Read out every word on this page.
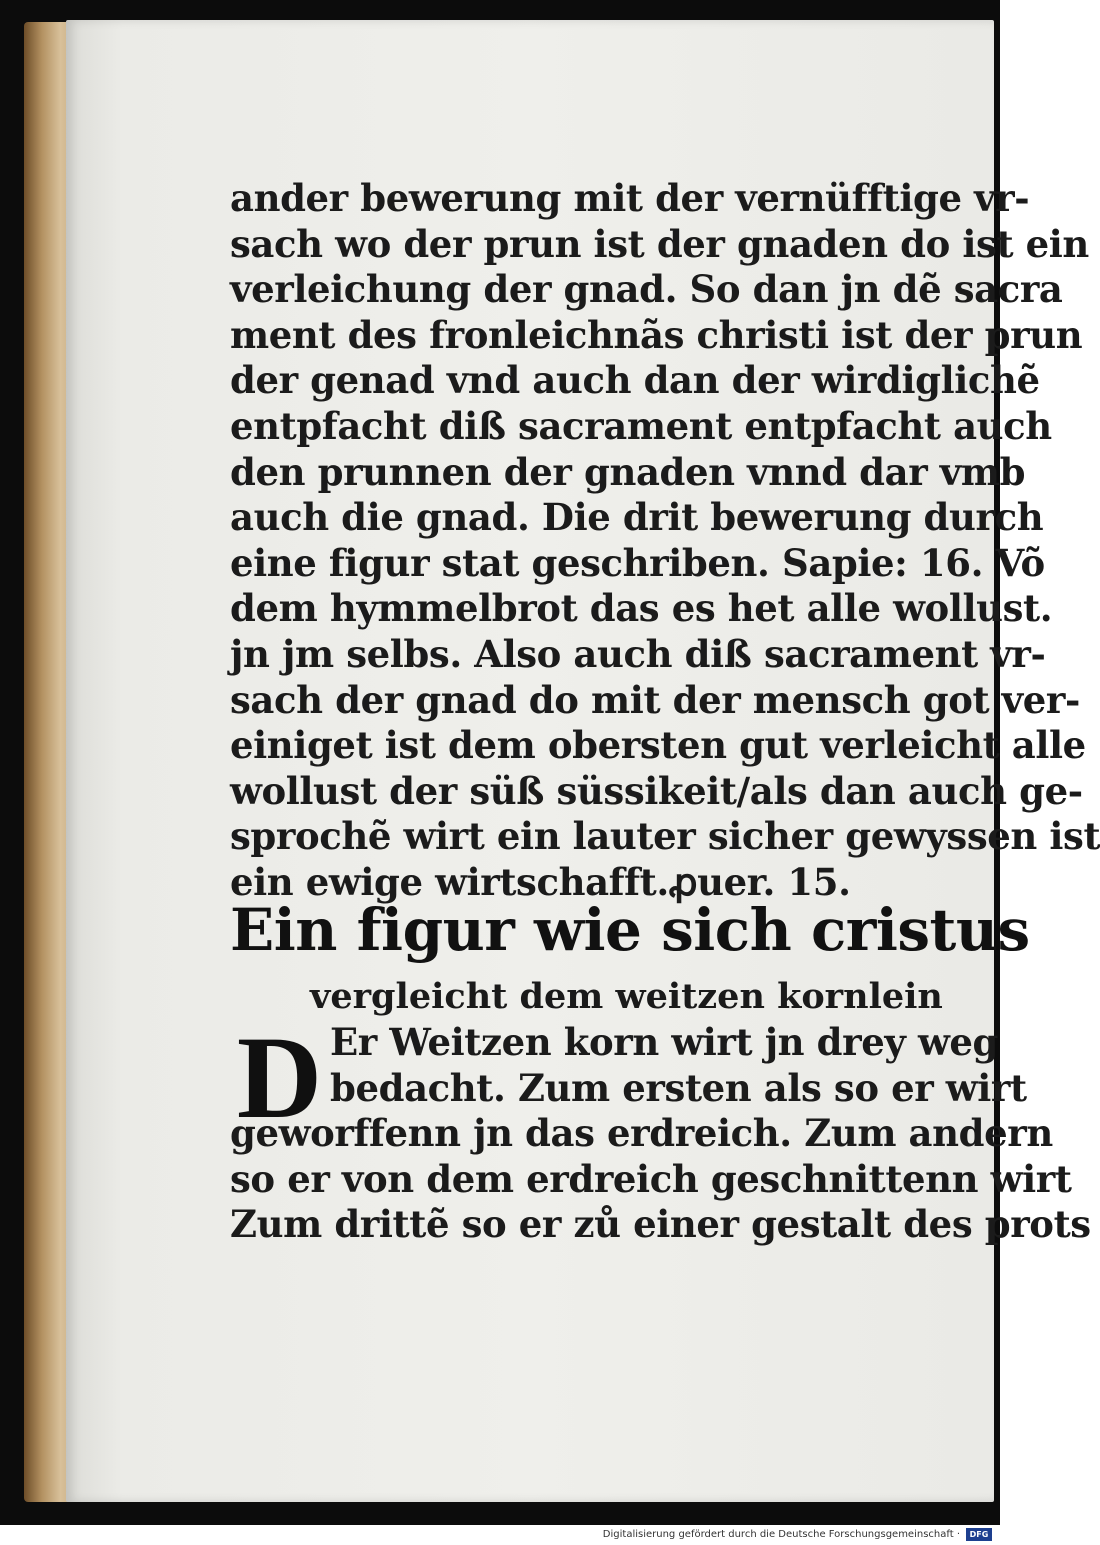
ander bewerung mit der vernüfftige vr-
sach wo der prun ist der gnaden do ist ein
verleichung der gnad. So dan jn dẽ sacra
ment des fronleichnãs christi ist der prun
der genad vnd auch dan der wirdiglichẽ
entpfacht diß sacrament entpfacht auch
den prunnen der gnaden vnnd dar vmb
auch die gnad. Die drit bewerung durch
eine figur stat geschriben. Sapie: 16. Võ
dem hymmelbrot das es het alle wollust.
jn jm selbs. Also auch diß sacrament vr-
sach der gnad do mit der mensch got ver-
einiget ist dem obersten gut verleicht alle
wollust der süß süssikeit/als dan auch ge-
sprochẽ wirt ein lauter sicher gewyssen ist
ein ewige wirtschafft.ꝓuer. 15.
Ein figur wie sich cristus
vergleicht dem weitzen kornlein
D Er Weitzen korn wirt jn drey weg
bedacht. Zum ersten als so er wirt
geworffenn jn das erdreich. Zum andern
so er von dem erdreich geschnittenn wirt
Zum drittẽ so er zů einer gestalt des prots
Digitalisierung gefördert durch die Deutsche Forschungsgemeinschaft ·	DFG
